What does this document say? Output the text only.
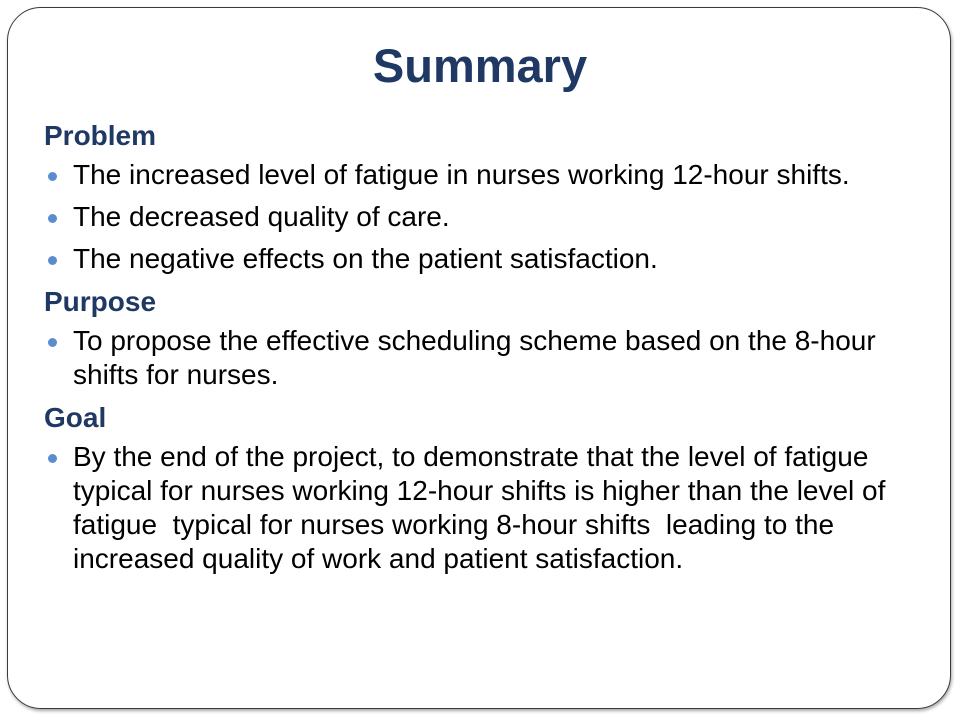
Summary
Problem
The increased level of fatigue in nurses working 12-hour shifts.
The decreased quality of care.
The negative effects on the patient satisfaction.
Purpose
To propose the effective scheduling scheme based on the 8-hour shifts for nurses.
Goal
By the end of the project, to demonstrate that the level of fatigue typical for nurses working 12-hour shifts is higher than the level of fatigue  typical for nurses working 8-hour shifts  leading to the increased quality of work and patient satisfaction.
